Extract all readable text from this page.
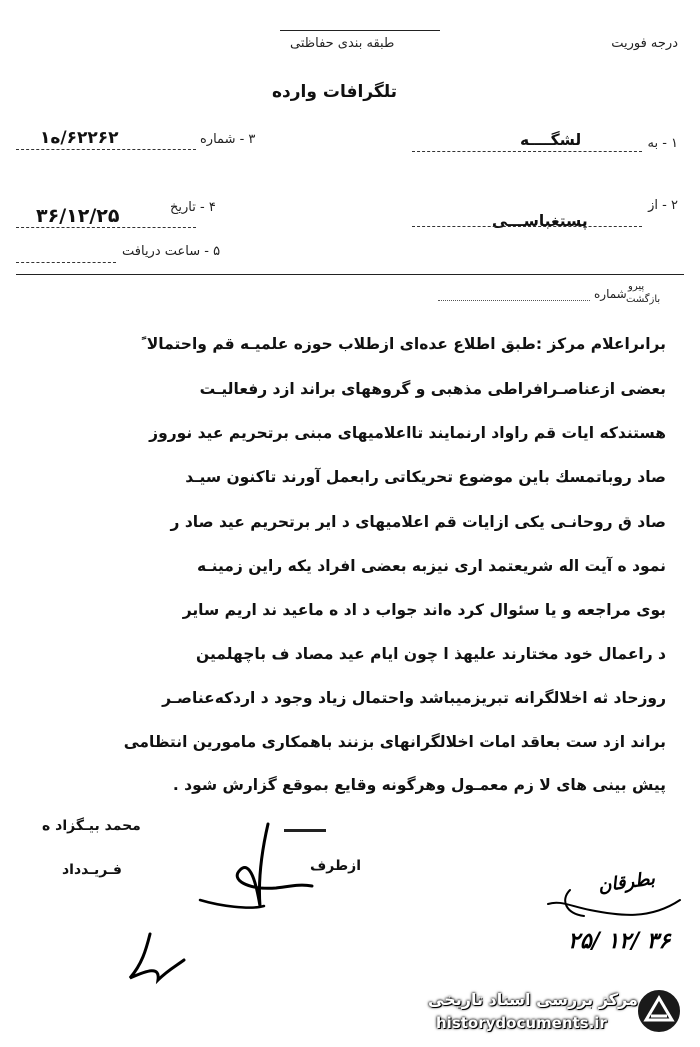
درجه فوریت
طبقه بندی حفاظتی
تلگرافات وارده
۱ - به
لشگــــه
۳ - شماره
۶۲۲۶۲/ه۱
۲ - از
پستغباســـی
۴ - تاریخ
۳۶/۱۲/۲۵
۵ - ساعت دریافت
پیرو
بازگشت
شماره
براىراعلام مركز :طبق اطلاع عده‌اى ازطلاب حوزه علميـه قم واحتمالا ً
بعضى ازعناصـرافراطى مذهبى و گروههاى براند ازد رفعاليـت
هستندكه ايات قم راواد ارنمايند تااعلاميهاى مبنى برتحريم عيد نوروز
صاد روباتمسك باين موضوع تحريكاتى رابعمل آورند تاكنون سيـد
صاد ق روحانـى يكى ازايات قم اعلاميهاى د اير برتحريم عيد صاد ر
نمود ه آيت اله شريعتمد ارى نيزبه بعضى افراد يكه راين زمينـه
بوى مراجعه و يا سئوال كرد ه‌اند جواب د اد ه ماعيد ند اريم ساير
د راعمال خود مختارند علیهذ ا چون ايام عيد مصاد ف باچهلمين
روزحاد ثه اخلالگرانه تبريزميباشد واحتمال زياد وجود د اردكه‌عناصـر
براند ازد ست بعاقد امات اخلالگرانهاى بزنند باهمكارى مامورين انتظامى
پيش بينى هاى لا زم معمـول وهرگونه وقايع بموقع گزارش شود .
محمد بيـگزاد ه
ازطرف
فـريـدداد	بطرقان
۲۵/ ۱۲/ ۳۶
مرکز بررسی اسناد تاریخی
historydocuments.ir
